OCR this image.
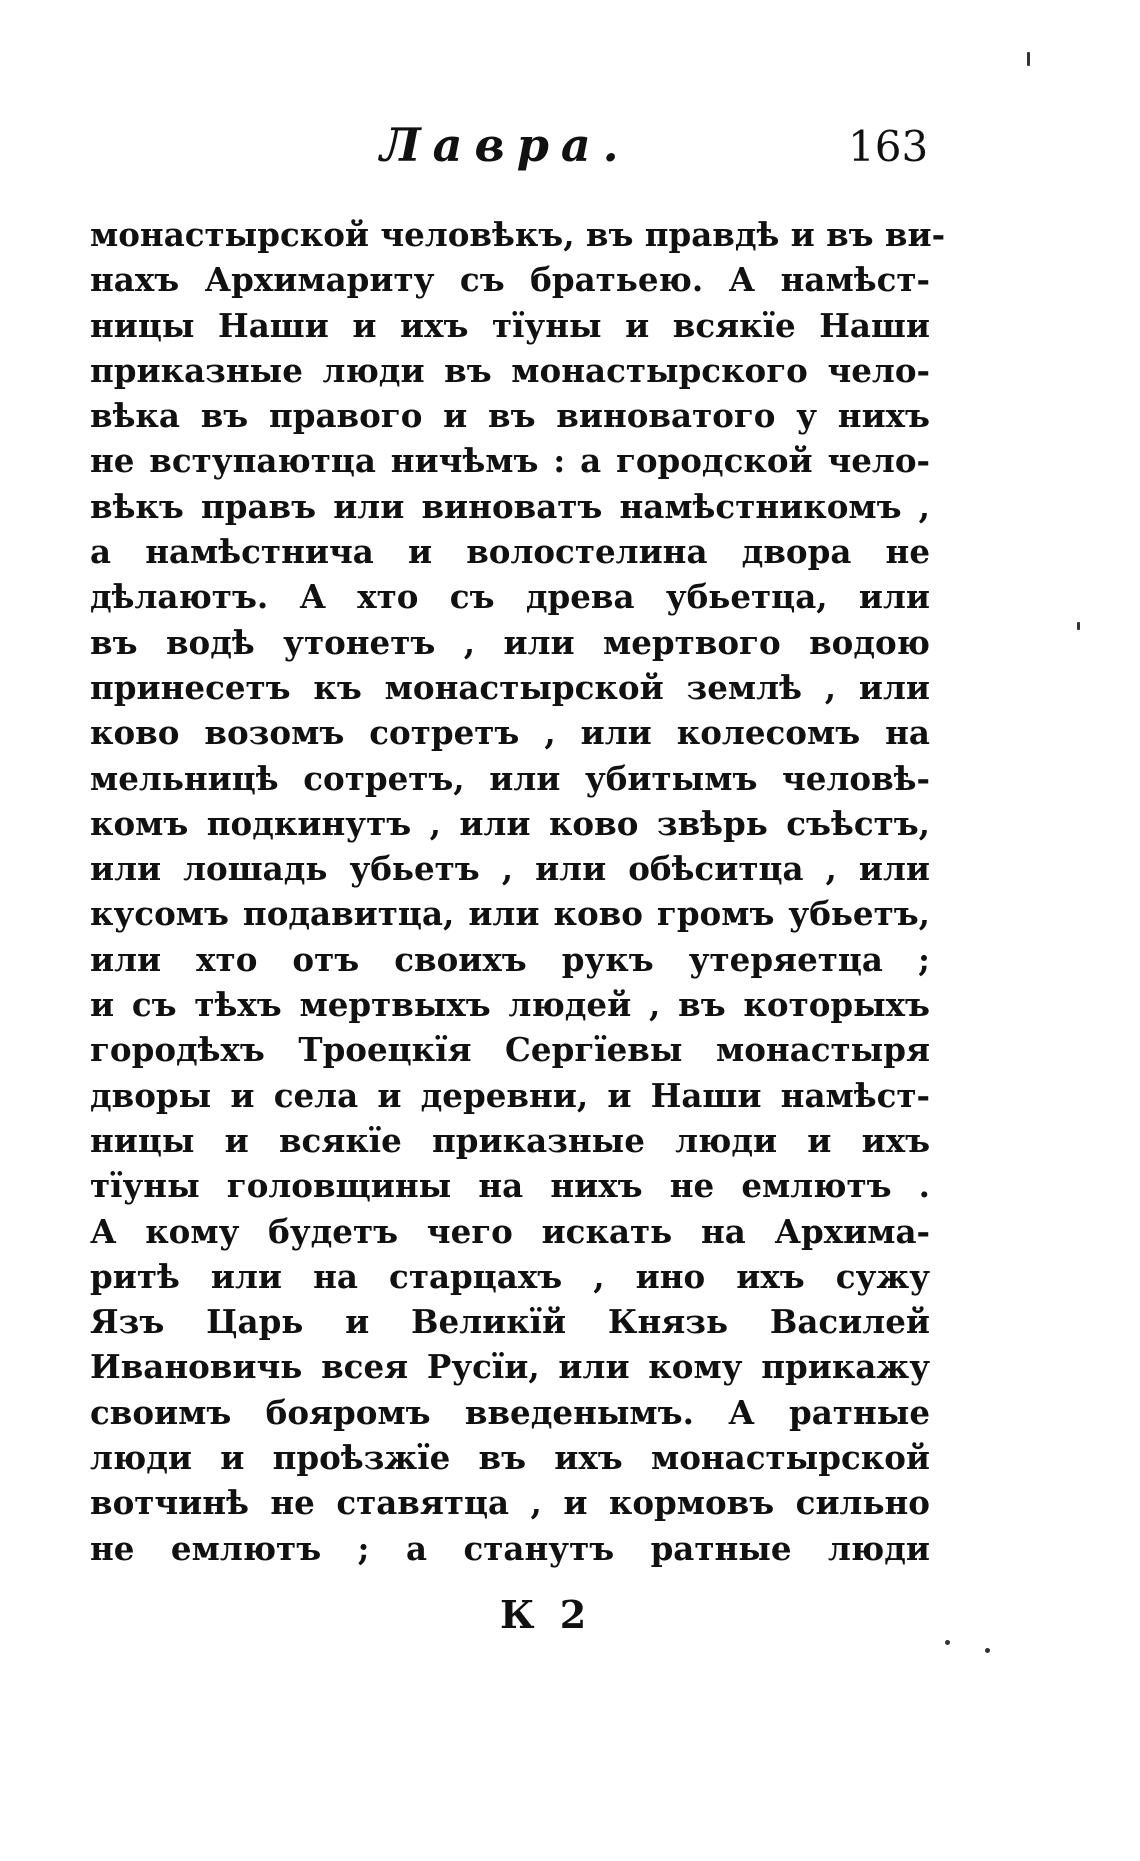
Лавра.	163
монастырской человѣкъ, въ правдѣ и въ ви-
нахъ Архимариту съ братьею. А намѣст-
ницы Наши и ихъ тїуны и всякїе Наши
приказные люди въ монастырского чело-
вѣка въ правого и въ виноватого у нихъ
не вступаютца ничѣмъ : а городской чело-
вѣкъ правъ или виноватъ намѣстникомъ ,
а намѣстнича и волостелина двора не
дѣлаютъ. А хто съ древа убьетца, или
въ водѣ утонетъ , или мертвого водою
принесетъ къ монастырской землѣ , или
ково возомъ сотретъ , или колесомъ на
мельницѣ сотретъ, или убитымъ человѣ-
комъ подкинутъ , или ково звѣрь съѣстъ,
или лошадь убьетъ , или обѣситца , или
кусомъ подавитца, или ково громъ убьетъ,
или хто отъ своихъ рукъ утеряетца ;
и съ тѣхъ мертвыхъ людей , въ которыхъ
городѣхъ Троецкїя Сергїевы монастыря
дворы и села и деревни, и Наши намѣст-
ницы и всякїе приказные люди и ихъ
тїуны головщины на нихъ не емлютъ .
А кому будетъ чего искать на Архима-
ритѣ или на старцахъ , ино ихъ сужу
Язъ Царь и Великїй Князь Василей
Ивановичь всея Русїи, или кому прикажу
своимъ бояромъ введенымъ. А ратные
люди и проѣзжїе въ ихъ монастырской
вотчинѣ не ставятца , и кормовъ сильно
не емлютъ ; а станутъ ратные люди
К 2
